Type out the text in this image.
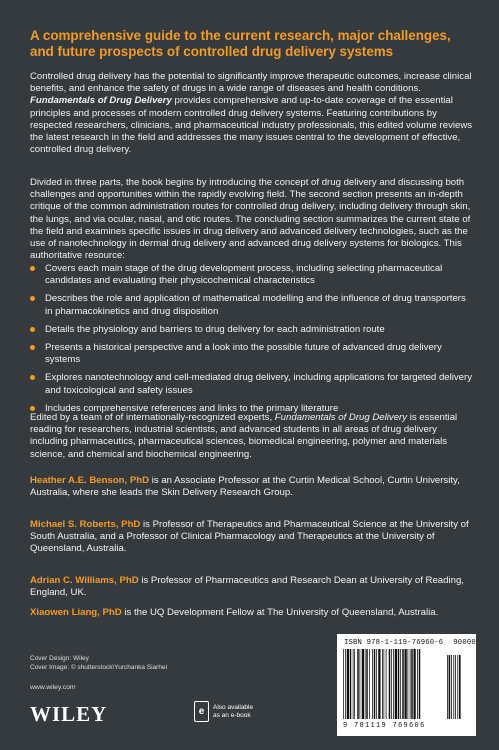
A comprehensive guide to the current research, major challenges, and future prospects of controlled drug delivery systems
Controlled drug delivery has the potential to significantly improve therapeutic outcomes, increase clinical benefits, and enhance the safety of drugs in a wide range of diseases and health conditions. Fundamentals of Drug Delivery provides comprehensive and up-to-date coverage of the essential principles and processes of modern controlled drug delivery systems. Featuring contributions by respected researchers, clinicians, and pharmaceutical industry professionals, this edited volume reviews the latest research in the field and addresses the many issues central to the development of effective, controlled drug delivery.
Divided in three parts, the book begins by introducing the concept of drug delivery and discussing both challenges and opportunities within the rapidly evolving field. The second section presents an in-depth critique of the common administration routes for controlled drug delivery, including delivery through skin, the lungs, and via ocular, nasal, and otic routes. The concluding section summarizes the current state of the field and examines specific issues in drug delivery and advanced delivery technologies, such as the use of nanotechnology in dermal drug delivery and advanced drug delivery systems for biologics. This authoritative resource:
Covers each main stage of the drug development process, including selecting pharmaceutical candidates and evaluating their physicochemical characteristics
Describes the role and application of mathematical modelling and the influence of drug transporters in pharmacokinetics and drug disposition
Details the physiology and barriers to drug delivery for each administration route
Presents a historical perspective and a look into the possible future of advanced drug delivery systems
Explores nanotechnology and cell-mediated drug delivery, including applications for targeted delivery and toxicological and safety issues
Includes comprehensive references and links to the primary literature
Edited by a team of of internationally-recognized experts, Fundamentals of Drug Delivery is essential reading for researchers, industrial scientists, and advanced students in all areas of drug delivery including pharmaceutics, pharmaceutical sciences, biomedical engineering, polymer and materials science, and chemical and biochemical engineering.
Heather A.E. Benson, PhD is an Associate Professor at the Curtin Medical School, Curtin University, Australia, where she leads the Skin Delivery Research Group.
Michael S. Roberts, PhD is Professor of Therapeutics and Pharmaceutical Science at the University of South Australia, and a Professor of Clinical Pharmacology and Therapeutics at the University of Queensland, Australia.
Adrian C. Williams, PhD is Professor of Pharmaceutics and Research Dean at University of Reading, England, UK.
Xiaowen Liang, PhD is the UQ Development Fellow at The University of Queensland, Australia.
Cover Design: Wiley
Cover Image: © shutterstock\Yurchanka Siarhei
www.wiley.com
WILEY	e	Also available
as an e-book
ISBN 978-1-119-76960-6 90000
9 781119 769606
